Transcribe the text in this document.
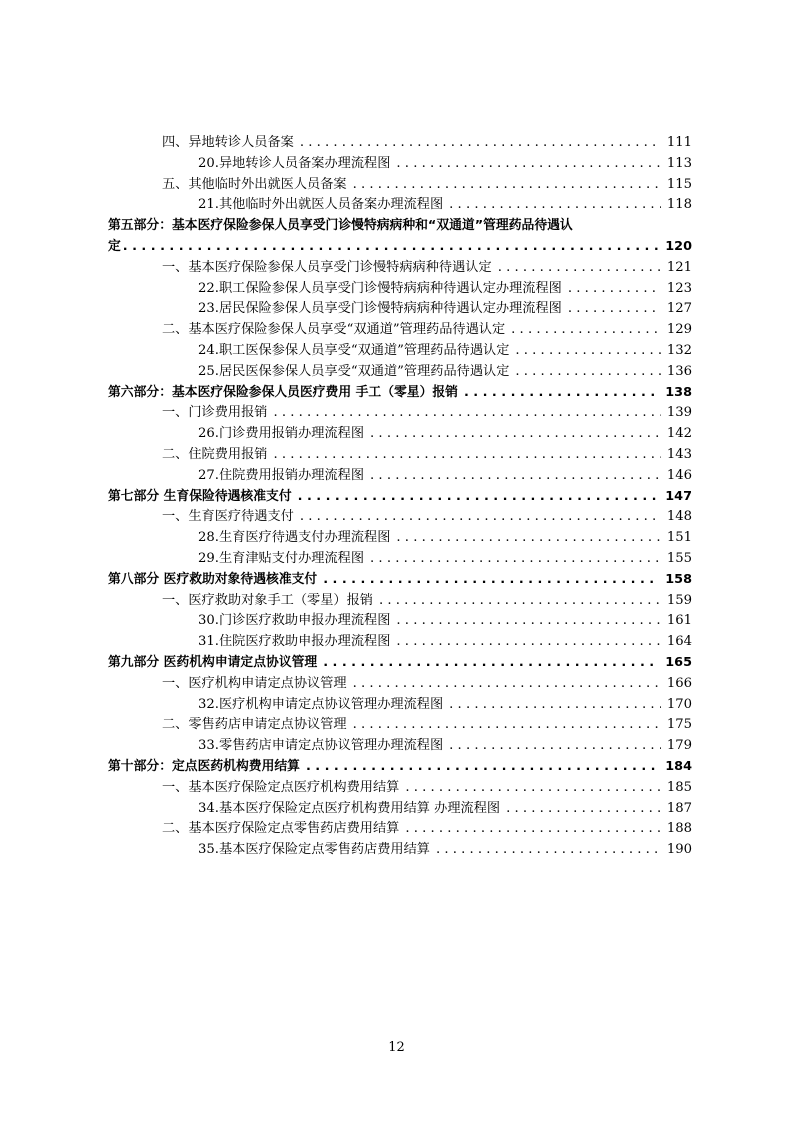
四、异地转诊人员备案 . . .	111
20.异地转诊人员备案办理流程图 . . .	113
五、其他临时外出就医人员备案 . . .	115
21.其他临时外出就医人员备案办理流程图 . . .	118
第五部分：基本医疗保险参保人员享受门诊慢特病病种和“双通道”管理药品待遇认
定 . . .	120
一、基本医疗保险参保人员享受门诊慢特病病种待遇认定 . . .	121
22.职工保险参保人员享受门诊慢特病病种待遇认定办理流程图 . . .	123
23.居民保险参保人员享受门诊慢特病病种待遇认定办理流程图 . . .	127
二、基本医疗保险参保人员享受“双通道”管理药品待遇认定 . . .	129
24.职工医保参保人员享受“双通道”管理药品待遇认定 . . .	132
25.居民医保参保人员享受“双通道”管理药品待遇认定 . . .	136
第六部分：基本医疗保险参保人员医疗费用 手工（零星）报销 . . .	138
一、门诊费用报销 . . .	139
26.门诊费用报销办理流程图 . . .	142
二、住院费用报销 . . .	143
27.住院费用报销办理流程图 . . .	146
第七部分 生育保险待遇核准支付 . . .	147
一、生育医疗待遇支付 . . .	148
28.生育医疗待遇支付办理流程图 . . .	151
29.生育津贴支付办理流程图 . . .	155
第八部分 医疗救助对象待遇核准支付 . . .	158
一、医疗救助对象手工（零星）报销 . . .	159
30.门诊医疗救助申报办理流程图 . . .	161
31.住院医疗救助申报办理流程图 . . .	164
第九部分 医药机构申请定点协议管理 . . .	165
一、医疗机构申请定点协议管理 . . .	166
32.医疗机构申请定点协议管理办理流程图 . . .	170
二、零售药店申请定点协议管理 . . .	175
33.零售药店申请定点协议管理办理流程图 . . .	179
第十部分：定点医药机构费用结算 . . .	184
一、基本医疗保险定点医疗机构费用结算 . . .	185
34.基本医疗保险定点医疗机构费用结算 办理流程图 . . .	187
二、基本医疗保险定点零售药店费用结算 . . .	188
35.基本医疗保险定点零售药店费用结算 . . .	190
12
